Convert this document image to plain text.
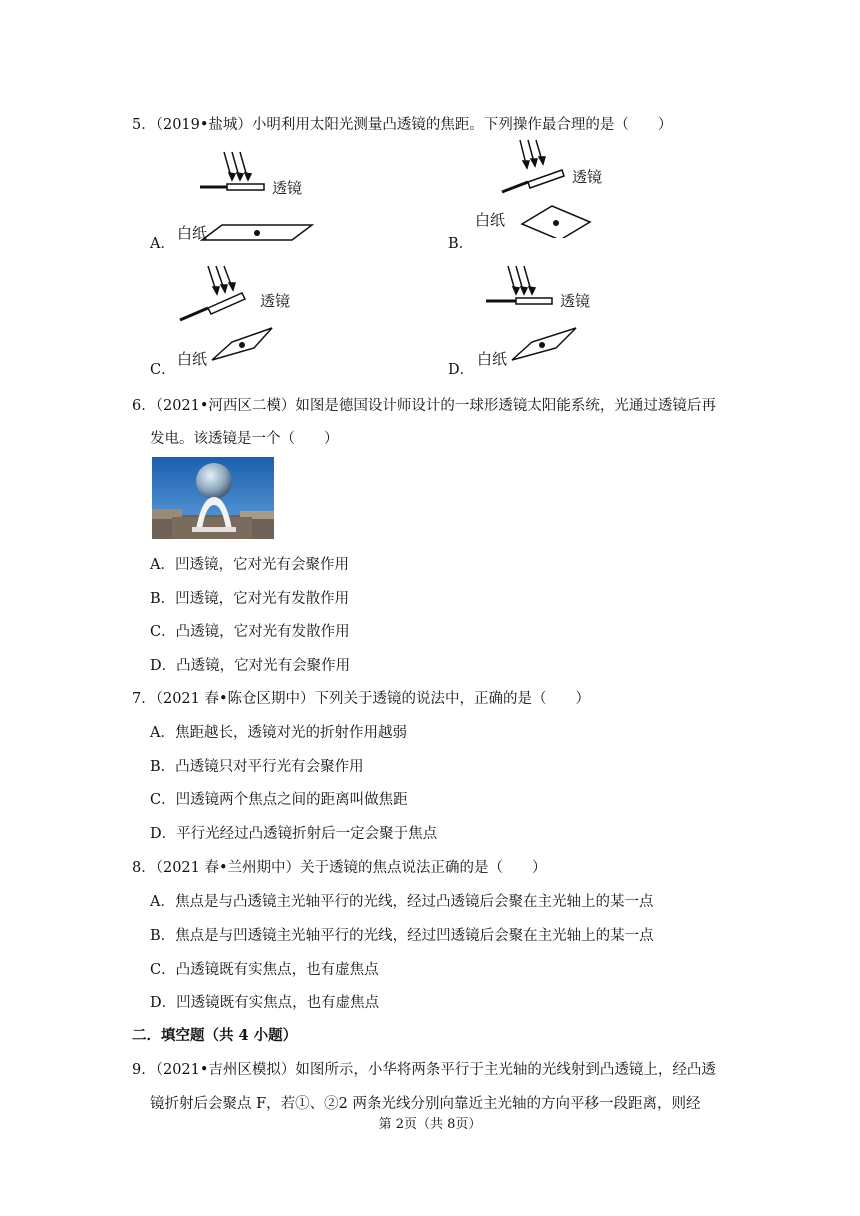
5．（2019•盐城）小明利用太阳光测量凸透镜的焦距。下列操作最合理的是（　　）
A．
透镜
白纸
B．
透镜
白纸
C．
透镜
白纸
D．
透镜
白纸
6．（2021•河西区二模）如图是德国设计师设计的一球形透镜太阳能系统，光通过透镜后再
发电。该透镜是一个（　　）
A．凹透镜，它对光有会聚作用
B．凹透镜，它对光有发散作用
C．凸透镜，它对光有发散作用
D．凸透镜，它对光有会聚作用
7．（2021 春•陈仓区期中）下列关于透镜的说法中，正确的是（　　）
A．焦距越长，透镜对光的折射作用越弱
B．凸透镜只对平行光有会聚作用
C．凹透镜两个焦点之间的距离叫做焦距
D．平行光经过凸透镜折射后一定会聚于焦点
8．（2021 春•兰州期中）关于透镜的焦点说法正确的是（　　）
A．焦点是与凸透镜主光轴平行的光线，经过凸透镜后会聚在主光轴上的某一点
B．焦点是与凹透镜主光轴平行的光线，经过凹透镜后会聚在主光轴上的某一点
C．凸透镜既有实焦点，也有虚焦点
D．凹透镜既有实焦点，也有虚焦点
二．填空题（共 4 小题）
9．（2021•吉州区模拟）如图所示，小华将两条平行于主光轴的光线射到凸透镜上，经凸透
镜折射后会聚点 F，若①、②2 两条光线分别向靠近主光轴的方向平移一段距离，则经
第 2页（共 8页）
